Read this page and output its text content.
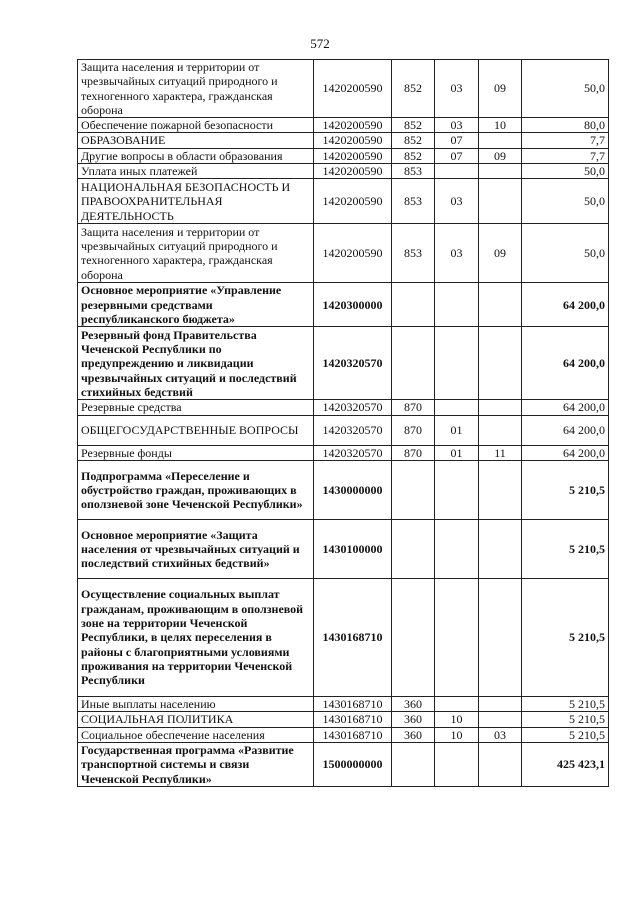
572
Защита населения и территории от чрезвычайных ситуаций природного и техногенного характера, гражданская оборона	1420200590	852	03	09	50,0
Обеспечение пожарной безопасности	1420200590	852	03	10	80,0
ОБРАЗОВАНИЕ	1420200590	852	07		7,7
Другие вопросы в области образования	1420200590	852	07	09	7,7
Уплата иных платежей	1420200590	853			50,0
НАЦИОНАЛЬНАЯ БЕЗОПАСНОСТЬ И ПРАВООХРАНИТЕЛЬНАЯ ДЕЯТЕЛЬНОСТЬ	1420200590	853	03		50,0
Защита населения и территории от чрезвычайных ситуаций природного и техногенного характера, гражданская оборона	1420200590	853	03	09	50,0
Основное мероприятие «Управление резервными средствами республиканского бюджета»	1420300000				64 200,0
Резервный фонд Правительства Чеченской Республики по предупреждению и ликвидации чрезвычайных ситуаций и последствий стихийных бедствий	1420320570				64 200,0
Резервные средства	1420320570	870			64 200,0
ОБЩЕГОСУДАРСТВЕННЫЕ ВОПРОСЫ	1420320570	870	01		64 200,0
Резервные фонды	1420320570	870	01	11	64 200,0
Подпрограмма «Переселение и обустройство граждан, проживающих в оползневой зоне Чеченской Республики»	1430000000				5 210,5
Основное мероприятие «Защита населения от чрезвычайных ситуаций и последствий стихийных бедствий»	1430100000				5 210,5
Осуществление социальных выплат гражданам, проживающим в оползневой зоне на территории Чеченской Республики, в целях переселения в районы с благоприятными условиями проживания на территории Чеченской Республики	1430168710				5 210,5
Иные выплаты населению	1430168710	360			5 210,5
СОЦИАЛЬНАЯ ПОЛИТИКА	1430168710	360	10		5 210,5
Социальное обеспечение населения	1430168710	360	10	03	5 210,5
Государственная программа «Развитие транспортной системы и связи Чеченской Республики»	1500000000				425 423,1
